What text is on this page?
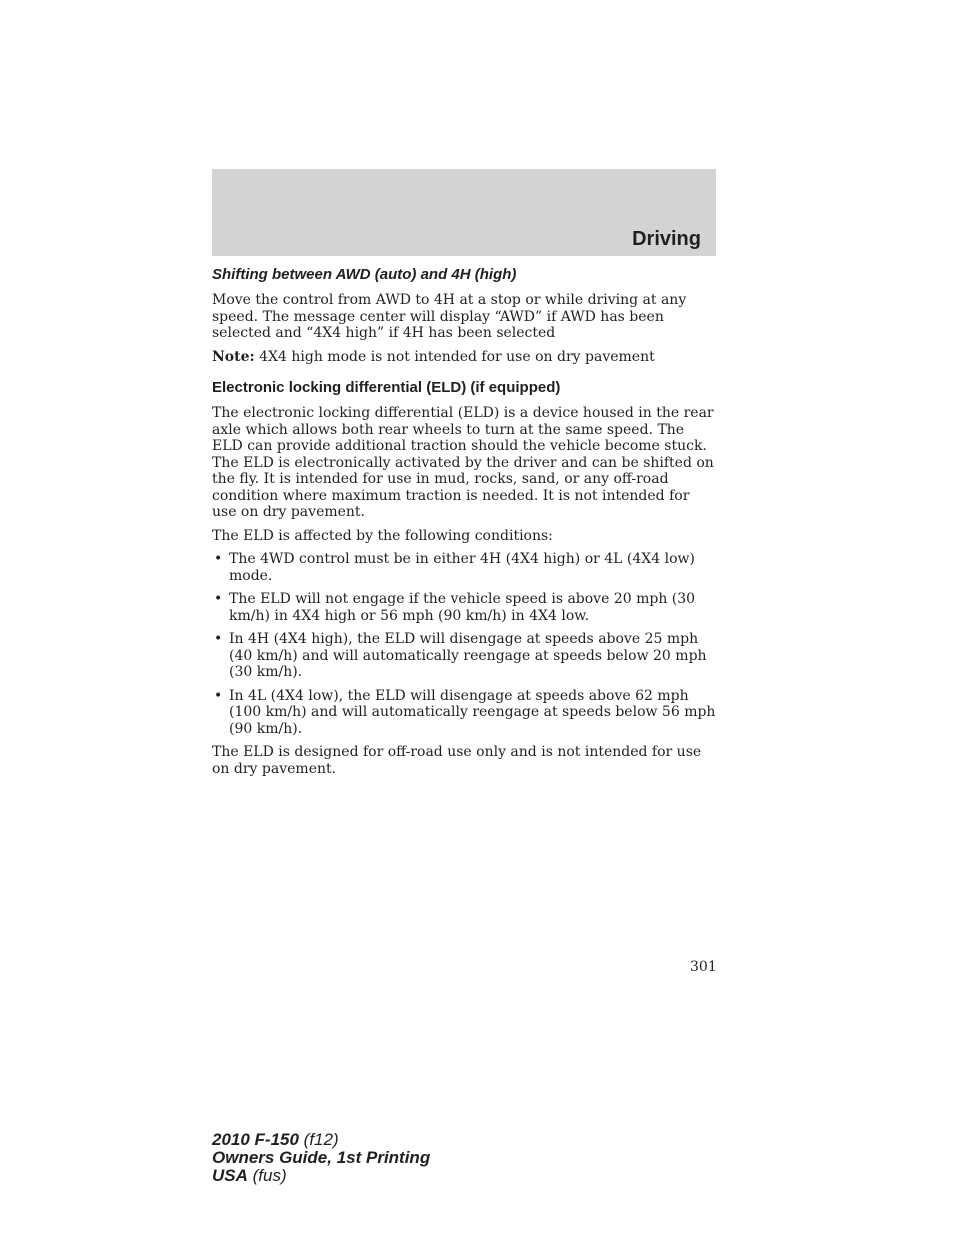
Driving
Shifting between AWD (auto) and 4H (high)

Move the control from AWD to 4H at a stop or while driving at any speed. The message center will display “AWD” if AWD has been selected and “4X4 high” if 4H has been selected

Note: 4X4 high mode is not intended for use on dry pavement

Electronic locking differential (ELD) (if equipped)

The electronic locking differential (ELD) is a device housed in the rear axle which allows both rear wheels to turn at the same speed. The ELD can provide additional traction should the vehicle become stuck. The ELD is electronically activated by the driver and can be shifted on the fly. It is intended for use in mud, rocks, sand, or any off-road condition where maximum traction is needed. It is not intended for use on dry pavement.

The ELD is affected by the following conditions:

• The 4WD control must be in either 4H (4X4 high) or 4L (4X4 low) mode.
• The ELD will not engage if the vehicle speed is above 20 mph (30 km/h) in 4X4 high or 56 mph (90 km/h) in 4X4 low.
• In 4H (4X4 high), the ELD will disengage at speeds above 25 mph (40 km/h) and will automatically reengage at speeds below 20 mph (30 km/h).
• In 4L (4X4 low), the ELD will disengage at speeds above 62 mph (100 km/h) and will automatically reengage at speeds below 56 mph (90 km/h).

The ELD is designed for off-road use only and is not intended for use on dry pavement.

301
2010 F-150 (f12)
Owners Guide, 1st Printing
USA (fus)
